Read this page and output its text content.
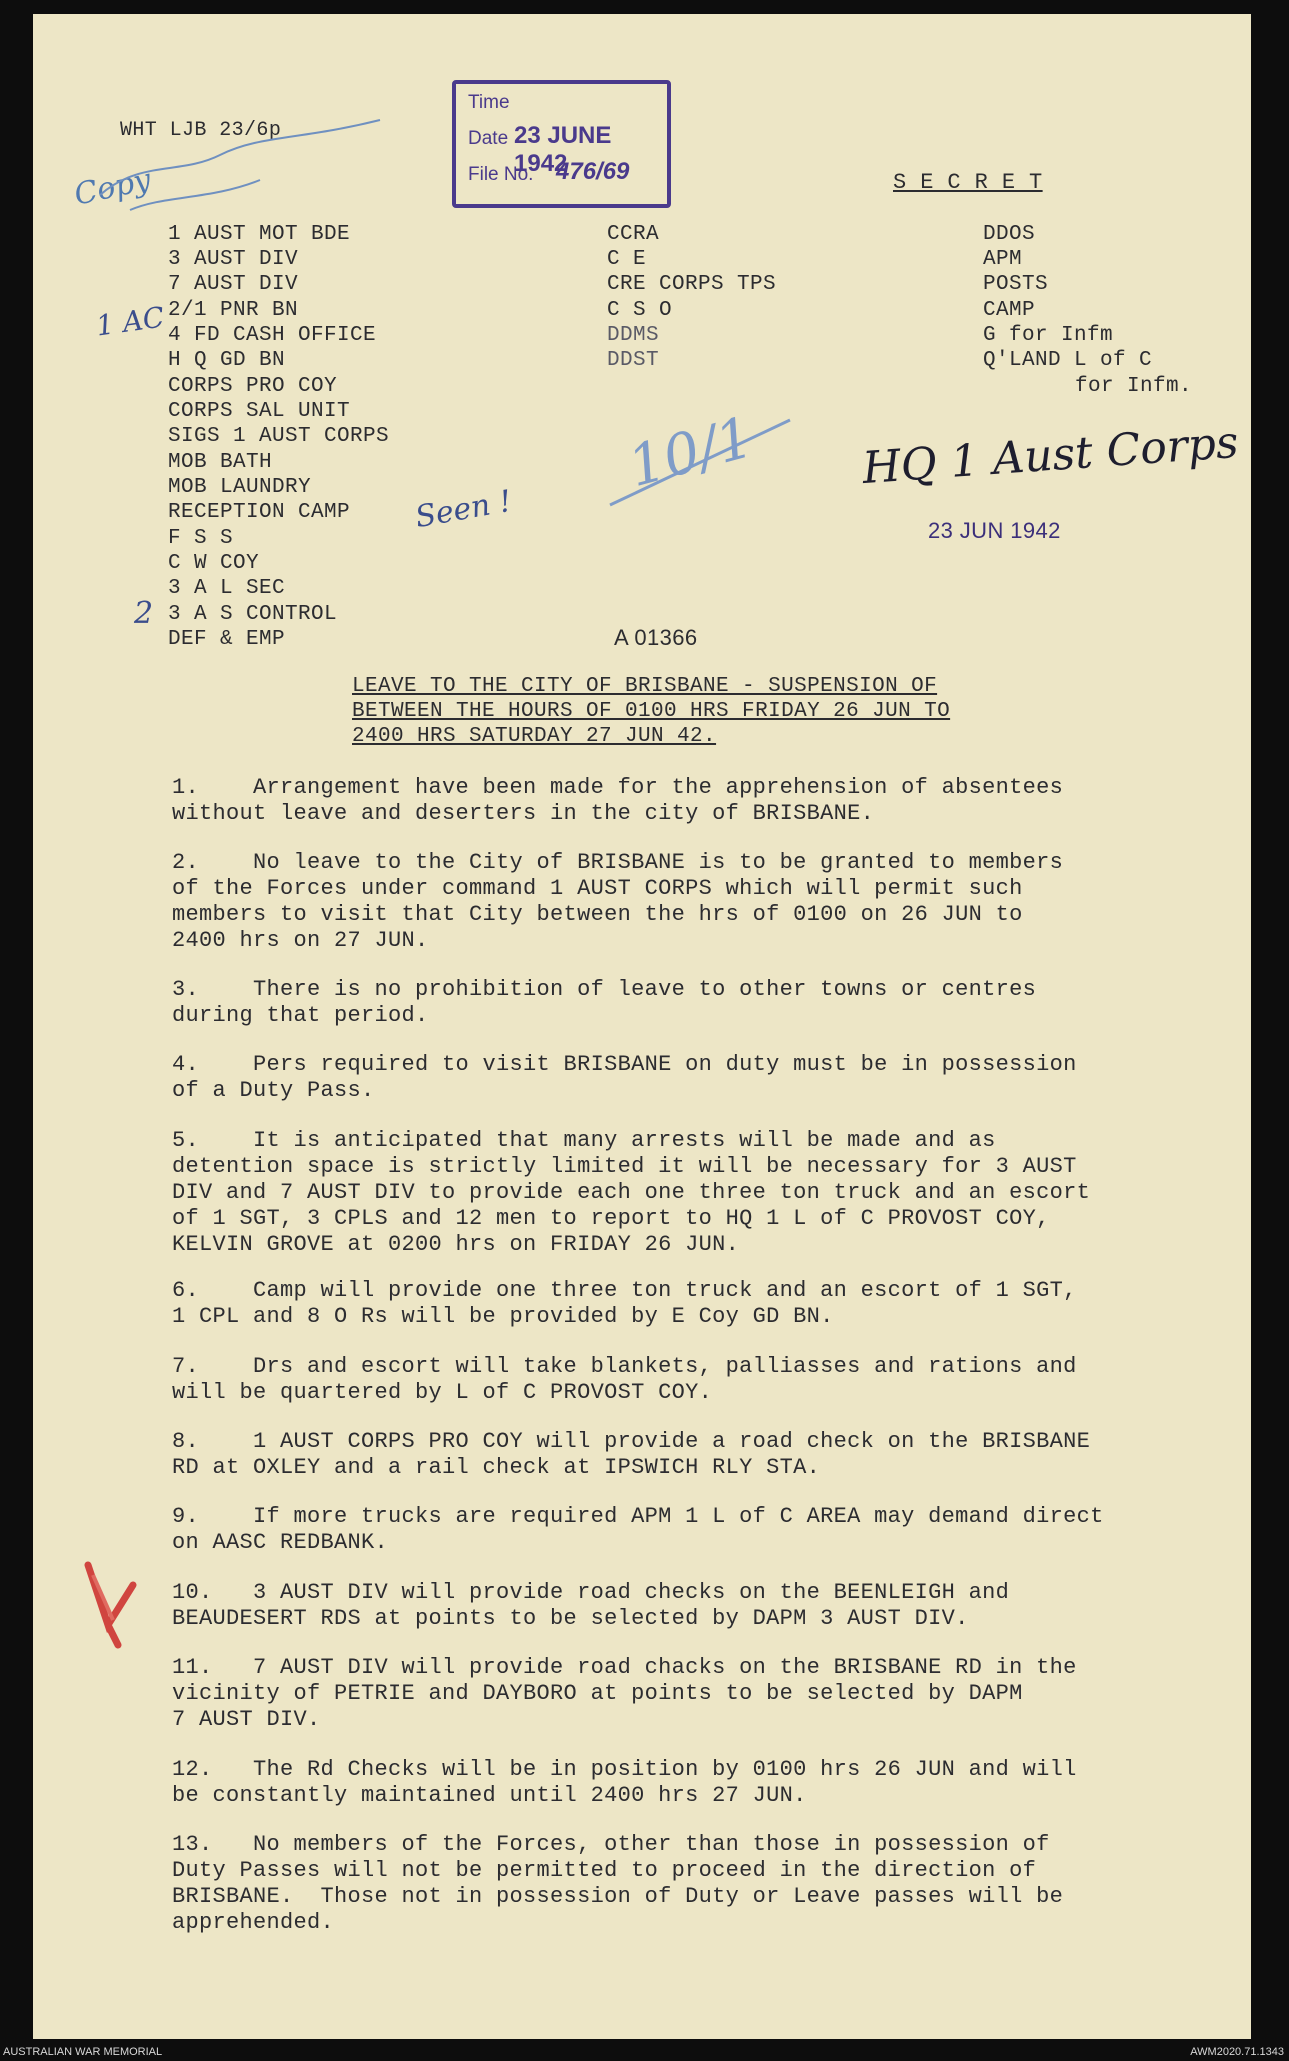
WHT LJB 23/6p
Copy
Time
Date 23 JUNE 1942
File No. 476/69	S E C R E T
1 AUST MOT BDE
3 AUST DIV
7 AUST DIV
2/1 PNR BN
4 FD CASH OFFICE
H Q GD BN
CORPS PRO COY
CORPS SAL UNIT
SIGS 1 AUST CORPS
MOB BATH
MOB LAUNDRY
RECEPTION CAMP
F S S
C W COY
3 A L SEC
3 A S CONTROL
DEF & EMP
CCRA
C E
CRE CORPS TPS
C S O
DDMS
DDST
DDOS
APM
POSTS
CAMP
G for Infm
Q'LAND L of C
for Infm.
1 AC
2
Seen !
HQ 1 Aust Corps
10/1
23 JUN 1942
A 01366
LEAVE TO THE CITY OF BRISBANE - SUSPENSION OF
BETWEEN THE HOURS OF 0100 HRS FRIDAY 26 JUN TO
2400 HRS SATURDAY 27 JUN 42.
1.    Arrangement have been made for the apprehension of absentees
without leave and deserters in the city of BRISBANE.
2.    No leave to the City of BRISBANE is to be granted to members
of the Forces under command 1 AUST CORPS which will permit such
members to visit that City between the hrs of 0100 on 26 JUN to
2400 hrs on 27 JUN.
3.    There is no prohibition of leave to other towns or centres
during that period.
4.    Pers required to visit BRISBANE on duty must be in possession
of a Duty Pass.
5.    It is anticipated that many arrests will be made and as
detention space is strictly limited it will be necessary for 3 AUST
DIV and 7 AUST DIV to provide each one three ton truck and an escort
of 1 SGT, 3 CPLS and 12 men to report to HQ 1 L of C PROVOST COY,
KELVIN GROVE at 0200 hrs on FRIDAY 26 JUN.
6.    Camp will provide one three ton truck and an escort of 1 SGT,
1 CPL and 8 O Rs will be provided by E Coy GD BN.
7.    Drs and escort will take blankets, palliasses and rations and
will be quartered by L of C PROVOST COY.
8.    1 AUST CORPS PRO COY will provide a road check on the BRISBANE
RD at OXLEY and a rail check at IPSWICH RLY STA.
9.    If more trucks are required APM 1 L of C AREA may demand direct
on AASC REDBANK.
10.   3 AUST DIV will provide road checks on the BEENLEIGH and
BEAUDESERT RDS at points to be selected by DAPM 3 AUST DIV.
11.   7 AUST DIV will provide road chacks on the BRISBANE RD in the
vicinity of PETRIE and DAYBORO at points to be selected by DAPM
7 AUST DIV.
12.   The Rd Checks will be in position by 0100 hrs 26 JUN and will
be constantly maintained until 2400 hrs 27 JUN.
13.   No members of the Forces, other than those in possession of
Duty Passes will not be permitted to proceed in the direction of
BRISBANE.  Those not in possession of Duty or Leave passes will be
apprehended.
AUSTRALIAN WAR MEMORIAL	AWM2020.71.1343
